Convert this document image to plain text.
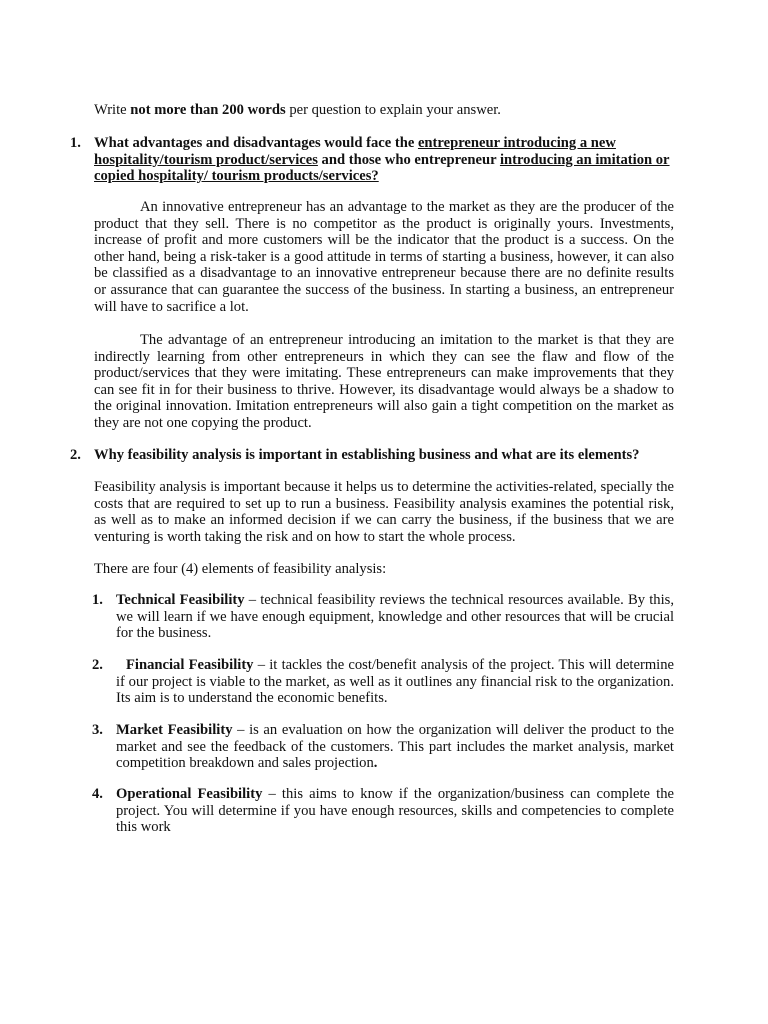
Write not more than 200 words per question to explain your answer.

1. What advantages and disadvantages would face the entrepreneur introducing a new hospitality/tourism product/services and those who entrepreneur introducing an imitation or copied hospitality/ tourism products/services?

An innovative entrepreneur has an advantage to the market as they are the producer of the product that they sell. There is no competitor as the product is originally yours. Investments, increase of profit and more customers will be the indicator that the product is a success. On the other hand, being a risk-taker is a good attitude in terms of starting a business, however, it can also be classified as a disadvantage to an innovative entrepreneur because there are no definite results or assurance that can guarantee the success of the business. In starting a business, an entrepreneur will have to sacrifice a lot.

The advantage of an entrepreneur introducing an imitation to the market is that they are indirectly learning from other entrepreneurs in which they can see the flaw and flow of the product/services that they were imitating. These entrepreneurs can make improvements that they can see fit in for their business to thrive. However, its disadvantage would always be a shadow to the original innovation. Imitation entrepreneurs will also gain a tight competition on the market as they are not one copying the product.

2. Why feasibility analysis is important in establishing business and what are its elements?

Feasibility analysis is important because it helps us to determine the activities-related, specially the costs that are required to set up to run a business. Feasibility analysis examines the potential risk, as well as to make an informed decision if we can carry the business, if the business that we are venturing is worth taking the risk and on how to start the whole process.

There are four (4) elements of feasibility analysis:

1. Technical Feasibility – technical feasibility reviews the technical resources available. By this, we will learn if we have enough equipment, knowledge and other resources that will be crucial for the business.
2. Financial Feasibility – it tackles the cost/benefit analysis of the project. This will determine if our project is viable to the market, as well as it outlines any financial risk to the organization. Its aim is to understand the economic benefits.
3. Market Feasibility – is an evaluation on how the organization will deliver the product to the market and see the feedback of the customers. This part includes the market analysis, market competition breakdown and sales projection.
4. Operational Feasibility – this aims to know if the organization/business can complete the project. You will determine if you have enough resources, skills and competencies to complete this work
